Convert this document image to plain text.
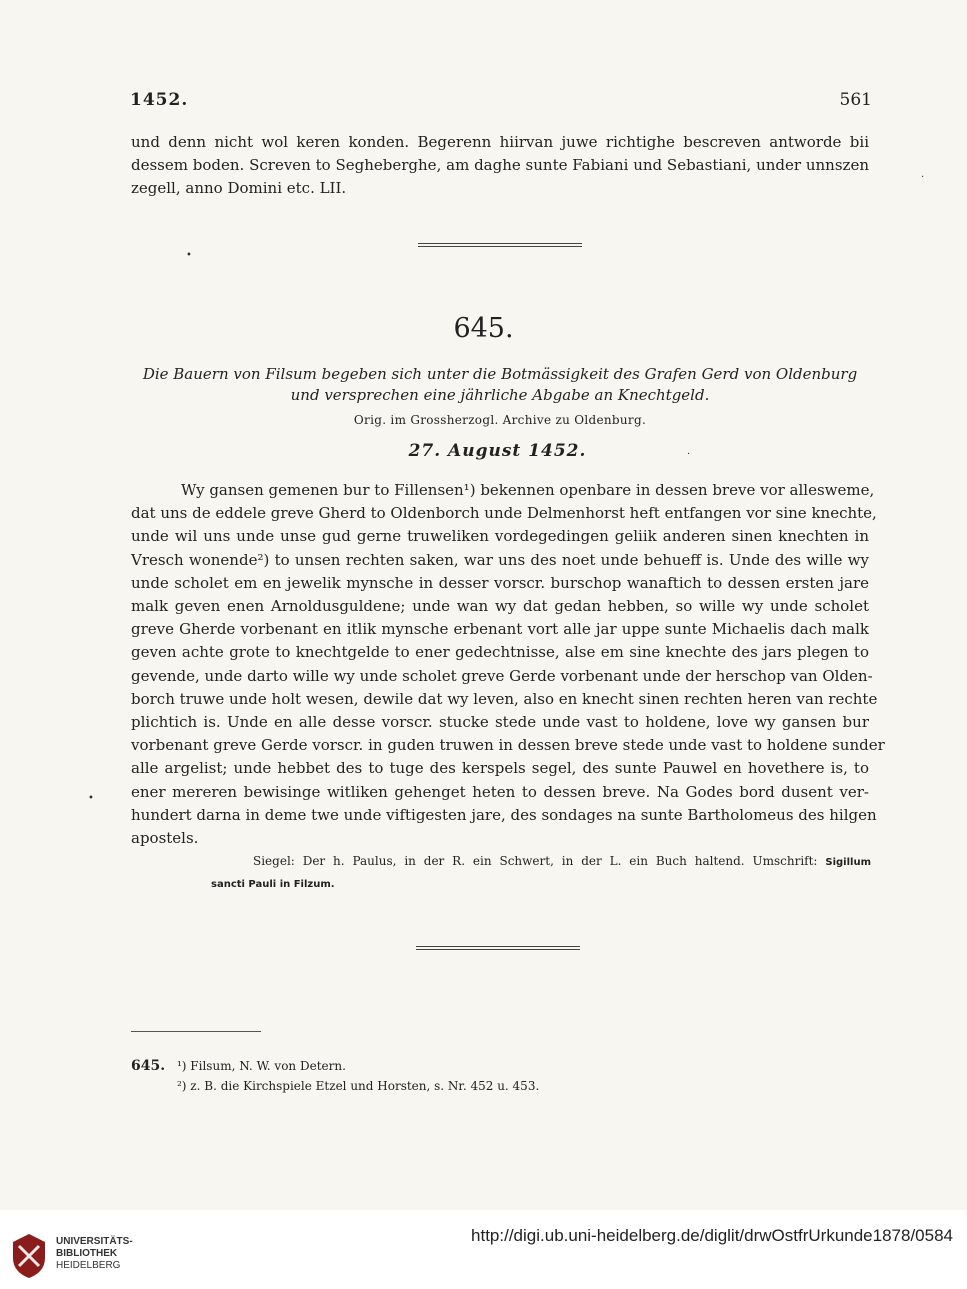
1452.	561
und denn nicht wol keren konden. Begerenn hiirvan juwe richtighe bescreven antworde bii
dessem boden. Screven to Segheberghe, am daghe sunte Fabiani und Sebastiani, under unnszen
zegell, anno Domini etc. LII.
645.
Die Bauern von Filsum begeben sich unter die Botmässigkeit des Grafen Gerd von Oldenburg und versprechen eine jährliche Abgabe an Knechtgeld.
Orig. im Grossherzogl. Archive zu Oldenburg.
27. August 1452.
Wy gansen gemenen bur to Fillensen¹) bekennen openbare in dessen breve vor allesweme,
dat uns de eddele greve Gherd to Oldenborch unde Delmenhorst heft entfangen vor sine knechte,
unde wil uns unde unse gud gerne truweliken vordegedingen geliik anderen sinen knechten in
Vresch wonende²) to unsen rechten saken, war uns des noet unde behueff is. Unde des wille wy
unde scholet em en jewelik mynsche in desser vorscr. burschop wanaftich to dessen ersten jare
malk geven enen Arnoldusguldene; unde wan wy dat gedan hebben, so wille wy unde scholet
greve Gherde vorbenant en itlik mynsche erbenant vort alle jar uppe sunte Michaelis dach malk
geven achte grote to knechtgelde to ener gedechtnisse, alse em sine knechte des jars plegen to
gevende, unde darto wille wy unde scholet greve Gerde vorbenant unde der herschop van Olden-
borch truwe unde holt wesen, dewile dat wy leven, also en knecht sinen rechten heren van rechte
plichtich is. Unde en alle desse vorscr. stucke stede unde vast to holdene, love wy gansen bur
vorbenant greve Gerde vorscr. in guden truwen in dessen breve stede unde vast to holdene sunder
alle argelist; unde hebbet des to tuge des kerspels segel, des sunte Pauwel en hovethere is, to
ener mereren bewisinge witliken gehenget heten to dessen breve. Na Godes bord dusent ver-
hundert darna in deme twe unde viftigesten jare, des sondages na sunte Bartholomeus des hilgen
apostels.
Siegel: Der h. Paulus, in der R. ein Schwert, in der L. ein Buch haltend. Umschrift: Sigillum
sancti Pauli in Filzum.
645. ¹) Filsum, N. W. von Detern.
²) z. B. die Kirchspiele Etzel und Horsten, s. Nr. 452 u. 453.
•
•
·
·
UNIVERSITÄTS-
BIBLIOTHEK
HEIDELBERG
http://digi.ub.uni-heidelberg.de/diglit/drwOstfrUrkunde1878/0584
